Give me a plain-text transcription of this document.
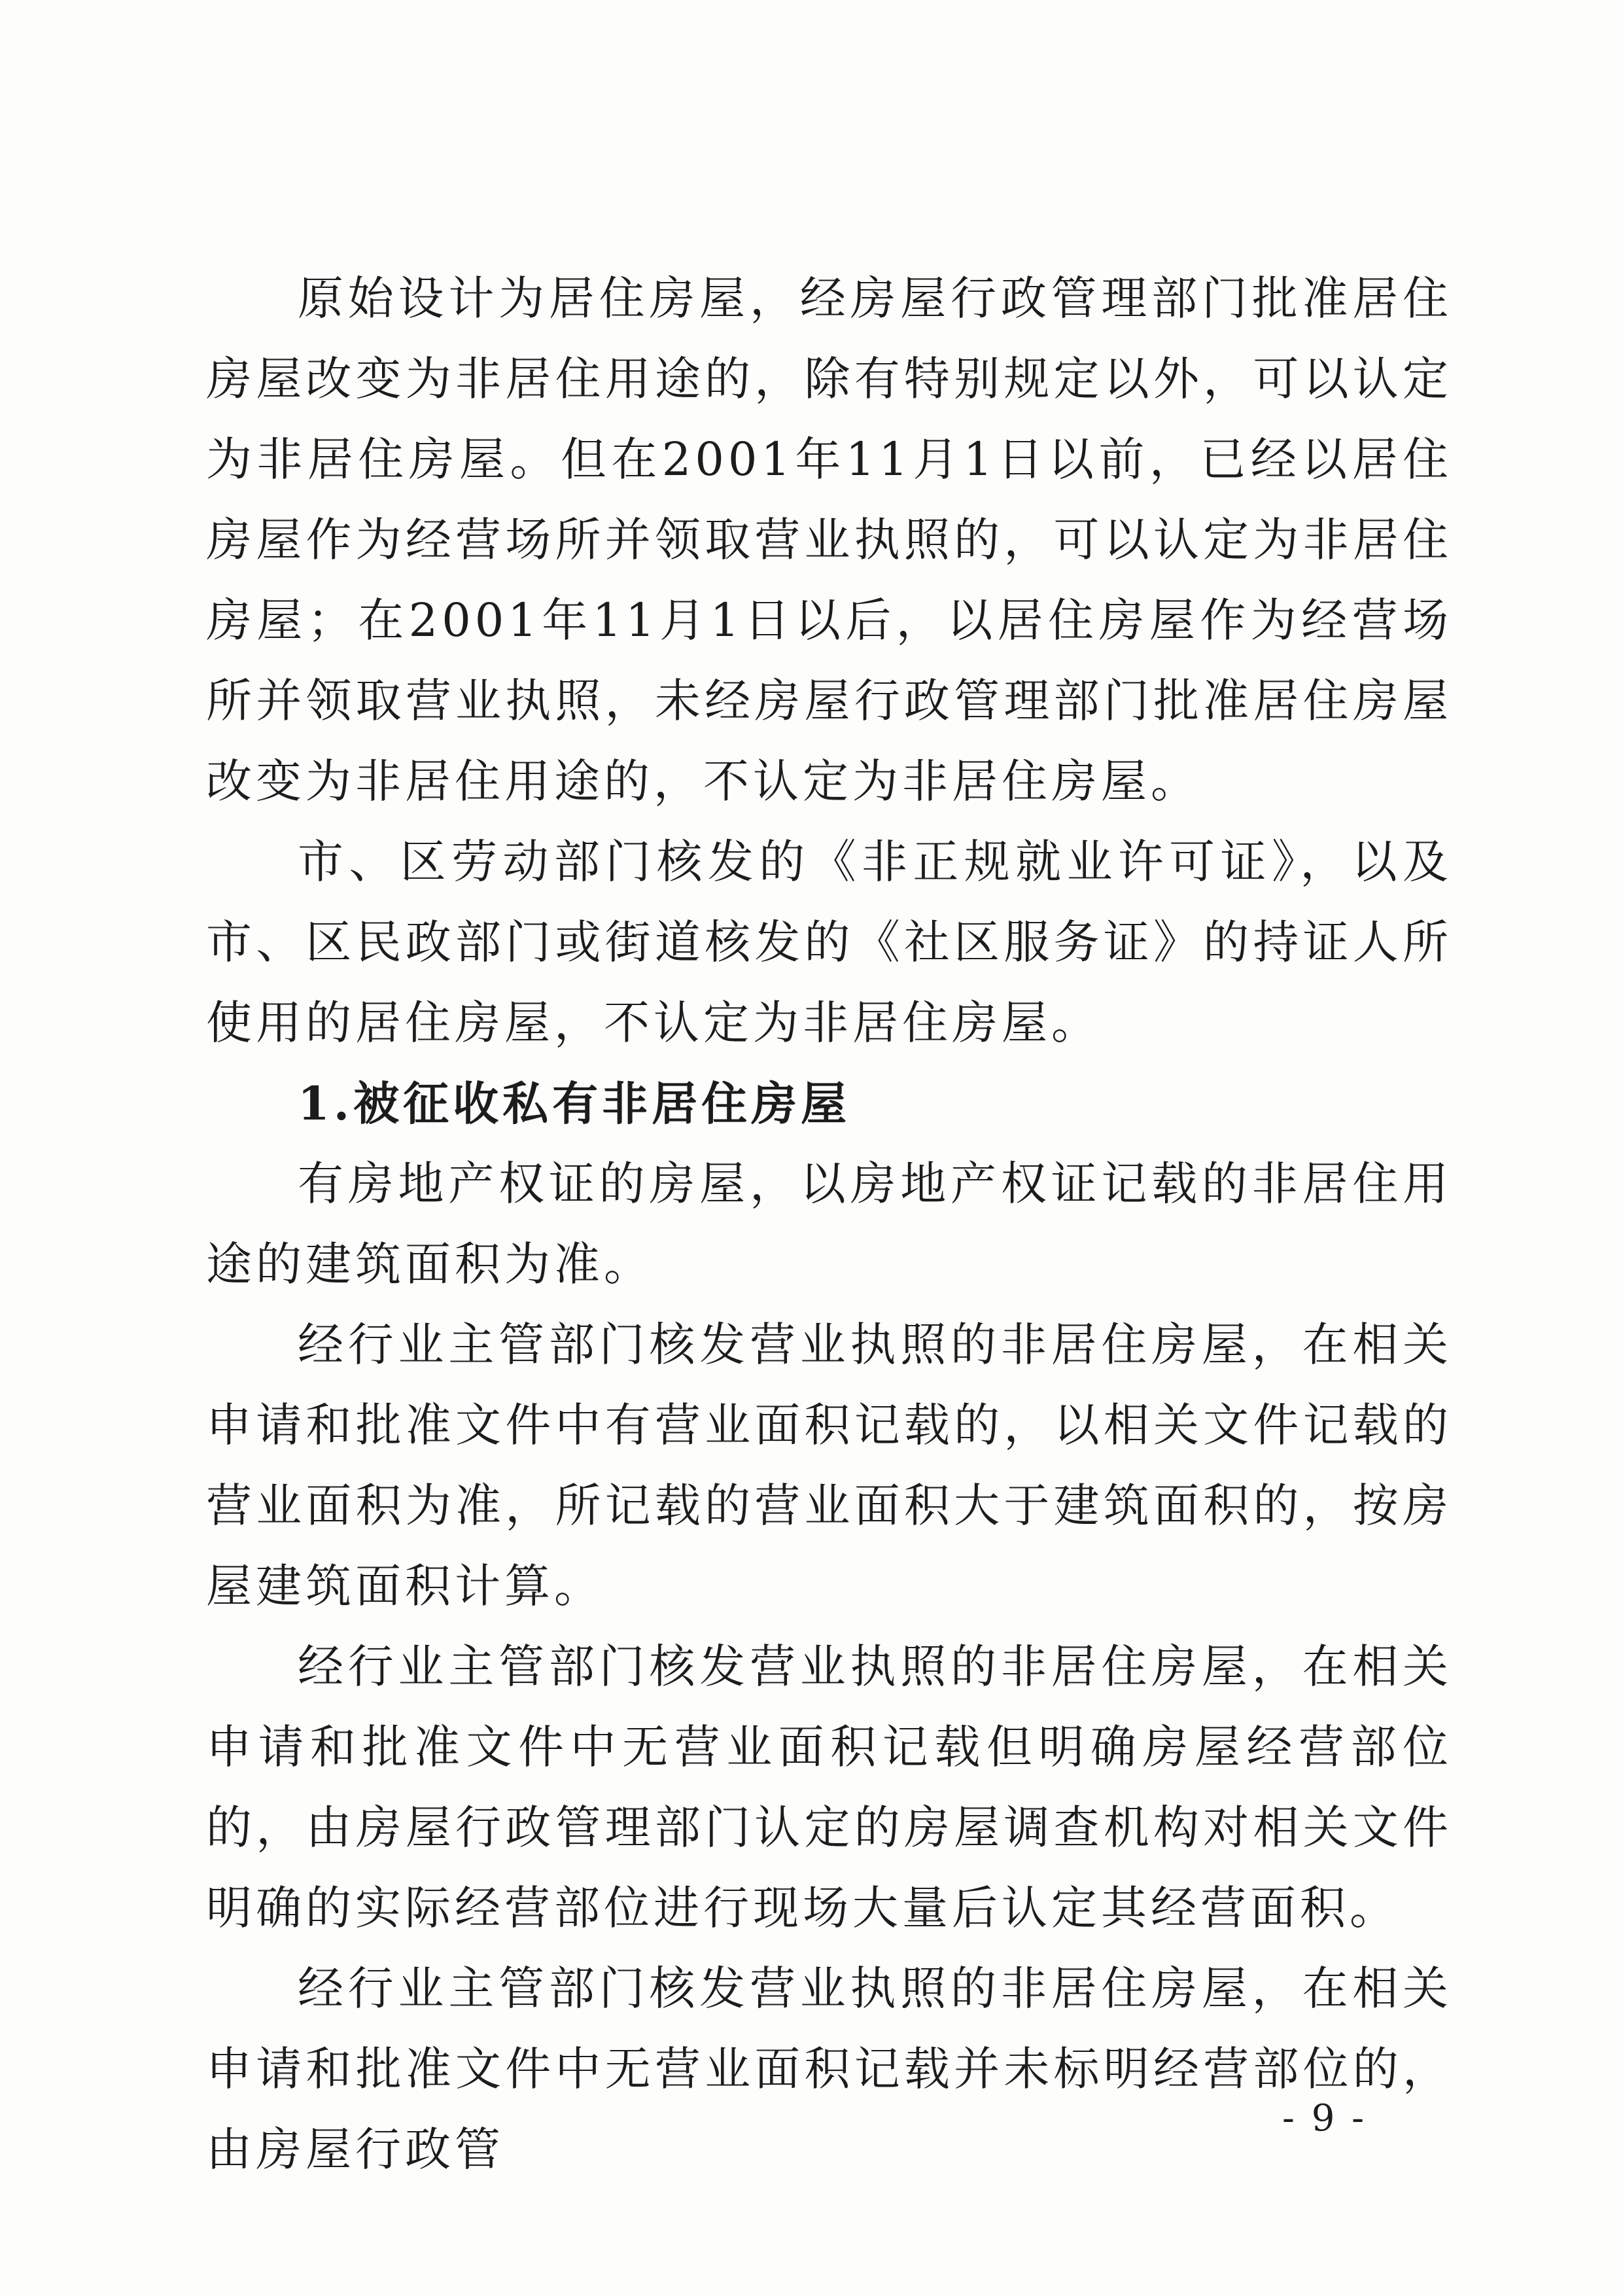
原始设计为居住房屋，经房屋行政管理部门批准居住房屋改变为非居住用途的，除有特别规定以外，可以认定为非居住房屋。但在2001年11月1日以前，已经以居住房屋作为经营场所并领取营业执照的，可以认定为非居住房屋；在2001年11月1日以后，以居住房屋作为经营场所并领取营业执照，未经房屋行政管理部门批准居住房屋改变为非居住用途的，不认定为非居住房屋。

市、区劳动部门核发的《非正规就业许可证》，以及市、区民政部门或街道核发的《社区服务证》的持证人所使用的居住房屋，不认定为非居住房屋。

1.被征收私有非居住房屋

有房地产权证的房屋，以房地产权证记载的非居住用途的建筑面积为准。

经行业主管部门核发营业执照的非居住房屋，在相关申请和批准文件中有营业面积记载的，以相关文件记载的营业面积为准，所记载的营业面积大于建筑面积的，按房屋建筑面积计算。

经行业主管部门核发营业执照的非居住房屋，在相关申请和批准文件中无营业面积记载但明确房屋经营部位的，由房屋行政管理部门认定的房屋调查机构对相关文件明确的实际经营部位进行现场大量后认定其经营面积。

经行业主管部门核发营业执照的非居住房屋，在相关申请和批准文件中无营业面积记载并未标明经营部位的，由房屋行政管

- 9 -
